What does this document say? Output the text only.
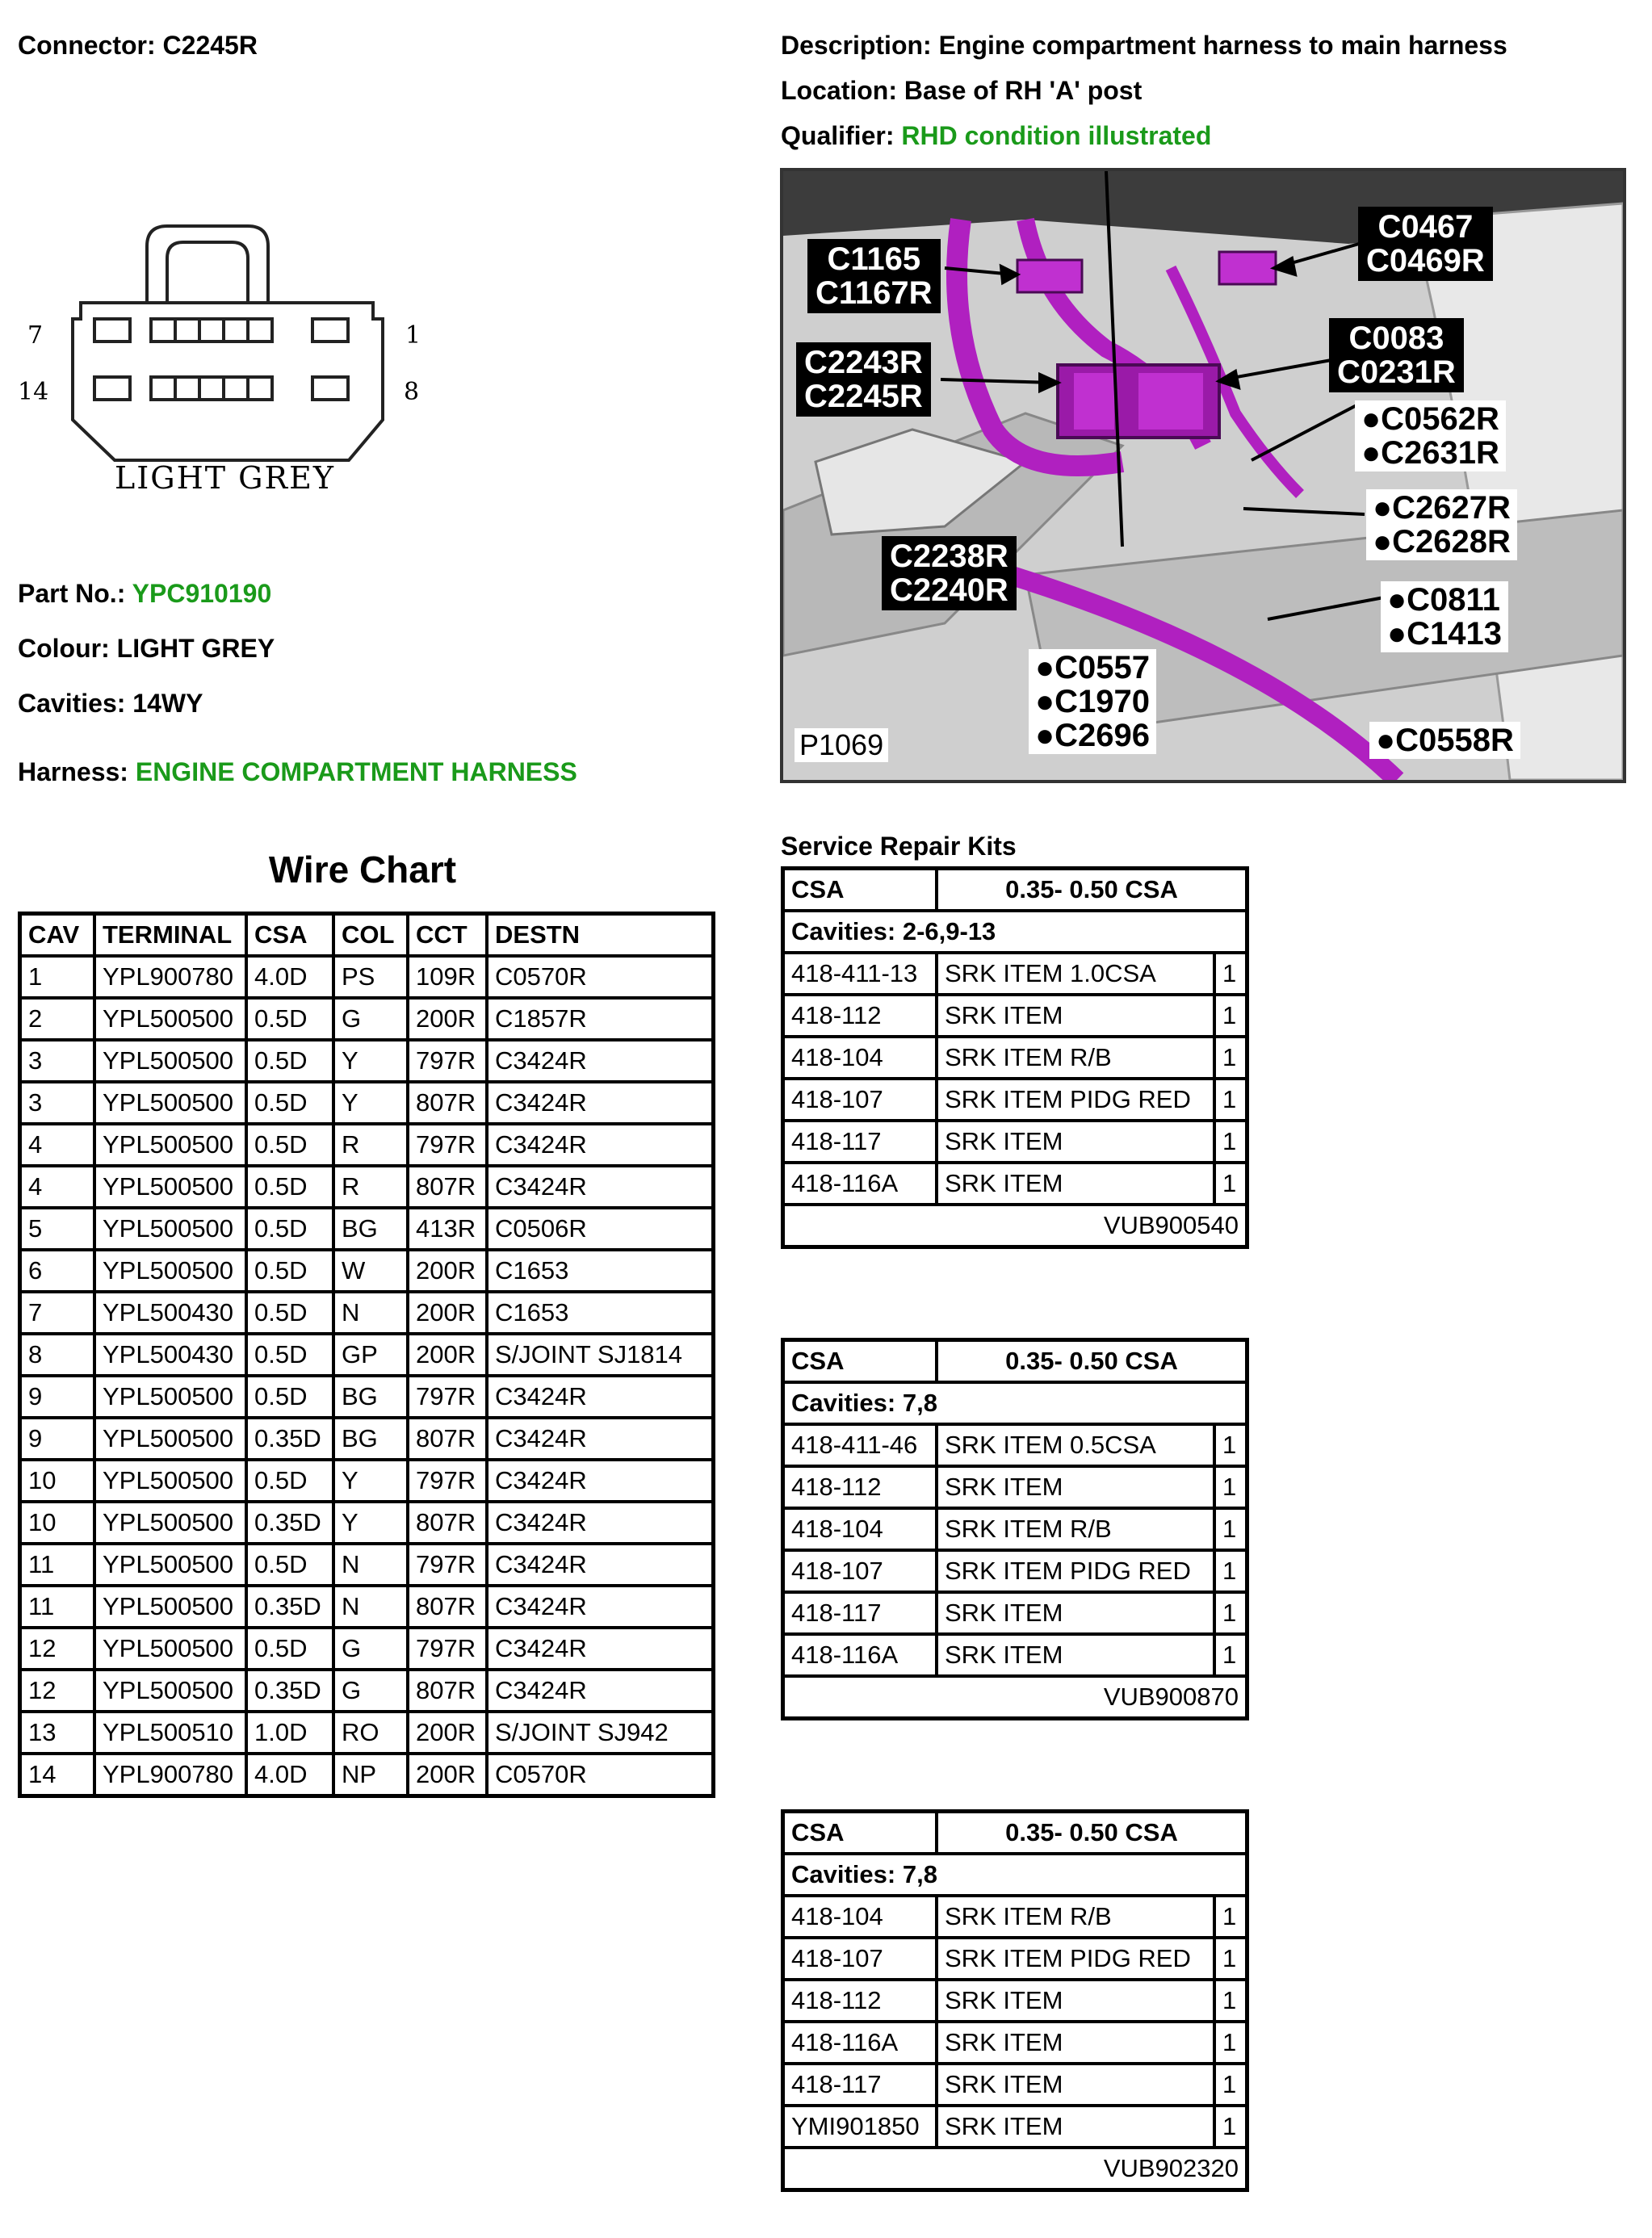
Connector: C2245R	Description: Engine compartment harness to main harness
Location: Base of RH 'A' post
Qualifier: RHD condition illustrated
7	1
14	8
LIGHT GREY
Part No.: YPC910190
Colour: LIGHT GREY
Cavities: 14WY
Harness: ENGINE COMPARTMENT HARNESS
C1165
C1167R
C0467
C0469R
C2243R
C2245R
C0083
C0231R
C2238R
C2240R
● C0562R
● C2631R
● C2627R
● C2628R
● C0811
● C1413
● C0557
● C1970
● C2696 ●	C0558R
P1069
Wire Chart
CAV	TERMINAL	CSA	COL	CCT	DESTN
1	YPL900780	4.0D	PS	109R	C0570R
2	YPL500500	0.5D	G	200R	C1857R
3	YPL500500	0.5D	Y	797R	C3424R
3	YPL500500	0.5D	Y	807R	C3424R
4	YPL500500	0.5D	R	797R	C3424R
4	YPL500500	0.5D	R	807R	C3424R
5	YPL500500	0.5D	BG	413R	C0506R
6	YPL500500	0.5D	W	200R	C1653
7	YPL500430	0.5D	N	200R	C1653
8	YPL500430	0.5D	GP	200R	S/JOINT SJ1814
9	YPL500500	0.5D	BG	797R	C3424R
9	YPL500500	0.35D	BG	807R	C3424R
10	YPL500500	0.5D	Y	797R	C3424R
10	YPL500500	0.35D	Y	807R	C3424R
11	YPL500500	0.5D	N	797R	C3424R
11	YPL500500	0.35D	N	807R	C3424R
12	YPL500500	0.5D	G	797R	C3424R
12	YPL500500	0.35D	G	807R	C3424R
13	YPL500510	1.0D	RO	200R	S/JOINT SJ942
14	YPL900780	4.0D	NP	200R	C0570R
Service Repair Kits
CSA	0.35- 0.50 CSA	
Cavities: 2-6,9-13		
418-411-13	SRK ITEM 1.0CSA	1
418-112	SRK ITEM	1
418-104	SRK ITEM R/B	1
418-107	SRK ITEM PIDG RED	1
418-117	SRK ITEM	1
418-116A	SRK ITEM	1
VUB900540		
CSA	0.35- 0.50 CSA	
Cavities: 7,8		
418-411-46	SRK ITEM 0.5CSA	1
418-112	SRK ITEM	1
418-104	SRK ITEM R/B	1
418-107	SRK ITEM PIDG RED	1
418-117	SRK ITEM	1
418-116A	SRK ITEM	1
VUB900870		
CSA	0.35- 0.50 CSA	
Cavities: 7,8		
418-104	SRK ITEM R/B	1
418-107	SRK ITEM PIDG RED	1
418-112	SRK ITEM	1
418-116A	SRK ITEM	1
418-117	SRK ITEM	1
YMI901850	SRK ITEM	1
VUB902320		
